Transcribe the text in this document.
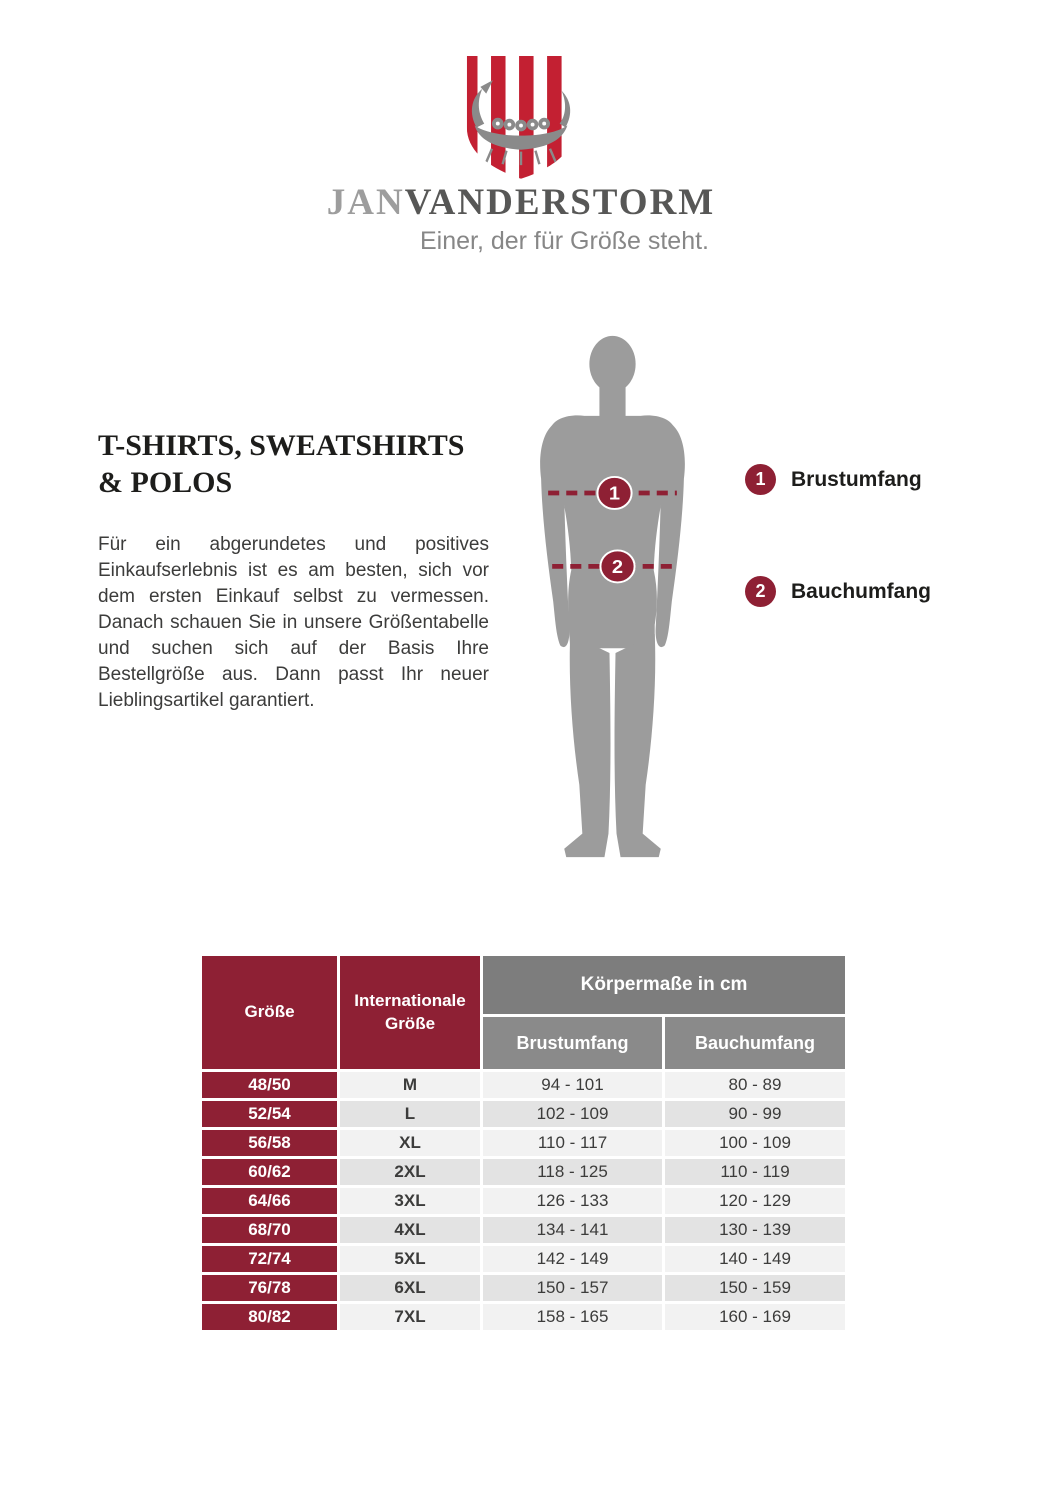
JANVANDERSTORM
Einer, der für Größe steht.
T-SHIRTS, SWEATSHIRTS
& POLOS

Für ein abgerundetes und positives Einkaufserlebnis ist es am besten, sich vor dem ersten Einkauf selbst zu vermessen. Danach schauen Sie in unsere Größentabelle und suchen sich auf der Basis Ihre Bestellgröße aus. Dann passt Ihr neuer Lieblingsartikel garantiert.

1
2
1	Brustumfang
2	Bauchumfang
Größe	Internationale Größe	Körpermaße in cm	
		Brustumfang	Bauchumfang
48/50	M	94 - 101	80 - 89
52/54	L	102 - 109	90 - 99
56/58	XL	110 - 117	100 - 109
60/62	2XL	118 - 125	110 - 119
64/66	3XL	126 - 133	120 - 129
68/70	4XL	134 - 141	130 - 139
72/74	5XL	142 - 149	140 - 149
76/78	6XL	150 - 157	150 - 159
80/82	7XL	158 - 165	160 - 169
